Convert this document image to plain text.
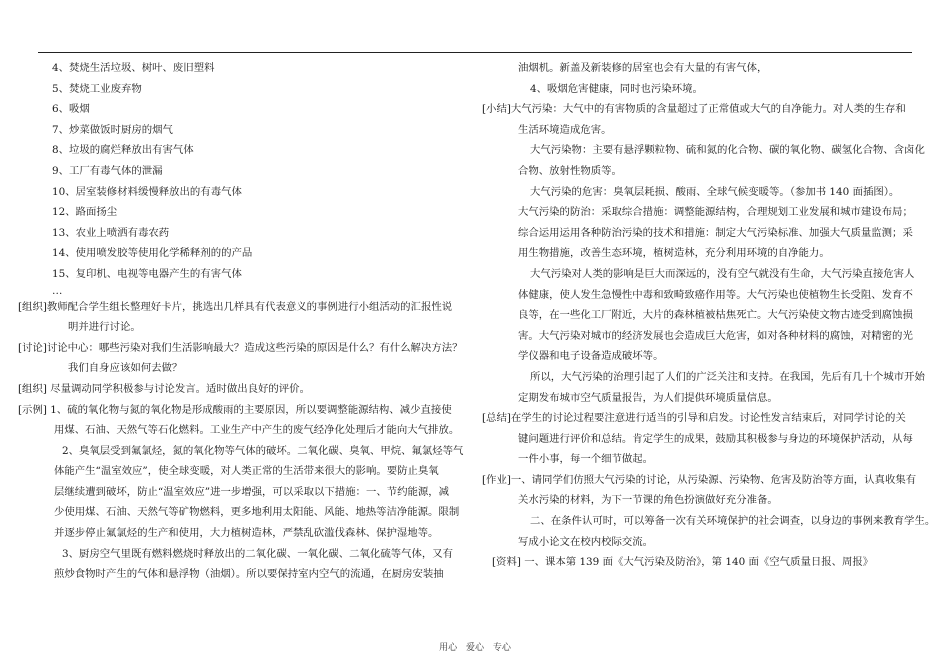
4、焚烧生活垃圾、树叶、废旧塑料

5、焚烧工业废弃物

6、吸烟

7、炒菜做饭时厨房的烟气

8、垃圾的腐烂释放出有害气体

9、工厂有毒气体的泄漏

10、居室装修材料缓慢释放出的有毒气体

12、路面扬尘

13、农业上喷洒有毒农药

14、使用喷发胶等使用化学稀释剂的的产品

15、复印机、电视等电器产生的有害气体

…

[组织]教师配合学生组长整理好卡片，挑选出几样具有代表意义的事例进行小组活动的汇报性说

明并进行讨论。

[讨论]讨论中心：哪些污染对我们生活影响最大？造成这些污染的原因是什么？有什么解决方法？

我们自身应该如何去做？

[组织] 尽量调动同学积极参与讨论发言。适时做出良好的评价。

[示例] 1、硫的氧化物与氮的氧化物是形成酸雨的主要原因，所以要调整能源结构、减少直接使

用煤、石油、天然气等石化燃料。工业生产中产生的废气经净化处理后才能向大气排放。

2、臭氧层受到氟氯烃，氮的氧化物等气体的破坏。二氧化碳、臭氧、甲烷、氟氯烃等气

体能产生“温室效应”，使全球变暖，对人类正常的生活带来很大的影响。要防止臭氧

层继续遭到破坏，防止“温室效应”进一步增强，可以采取以下措施：一、节约能源，减

少使用煤、石油、天然气等矿物燃料，更多地利用太阳能、风能、地热等洁净能源。限制

并逐步停止氟氯烃的生产和使用，大力植树造林，严禁乱砍滥伐森林、保护湿地等。

3、厨房空气里既有燃料燃烧时释放出的二氧化碳、一氧化碳、二氧化硫等气体，又有

煎炒食物时产生的气体和悬浮物（油烟）。所以要保持室内空气的流通，在厨房安装抽

油烟机。新盖及新装修的居室也会有大量的有害气体，

4、吸烟危害健康，同时也污染环境。

[小结]大气污染：大气中的有害物质的含量超过了正常值或大气的自净能力。对人类的生存和

生活环境造成危害。

大气污染物：主要有悬浮颗粒物、硫和氮的化合物、碳的氧化物、碳氢化合物、含卤化

合物、放射性物质等。

大气污染的危害：臭氧层耗损、酸雨、全球气候变暖等。（参加书 140 面插图）。

大气污染的防治：采取综合措施：调整能源结构，合理规划工业发展和城市建设布局；

综合运用运用各种防治污染的技术和措施：制定大气污染标准、加强大气质量监测；采

用生物措施，改善生态环境，植树造林，充分利用环境的自净能力。

大气污染对人类的影响是巨大而深远的，没有空气就没有生命，大气污染直接危害人

体健康，使人发生急慢性中毒和致畸致癌作用等。大气污染也使植物生长受阻、发育不

良等，在一些化工厂附近，大片的森林植被枯焦死亡。大气污染使文物古迹受到腐蚀损

害。大气污染对城市的经济发展也会造成巨大危害，如对各种材料的腐蚀，对精密的光

学仪器和电子设备造成破坏等。

所以，大气污染的治理引起了人们的广泛关注和支持。在我国，先后有几十个城市开始

定期发布城市空气质量报告，为人们提供环境质量信息。

[总结]在学生的讨论过程要注意进行适当的引导和启发。讨论性发言结束后，对同学讨论的关

键问题进行评价和总结。肯定学生的成果，鼓励其积极参与身边的环境保护活动，从每

一件小事，每一个细节做起。

[作业]一、请同学们仿照大气污染的讨论，从污染源、污染物、危害及防治等方面，认真收集有

关水污染的材料，为下一节课的角色扮演做好充分准备。

二、在条件认可时，可以筹备一次有关环境保护的社会调查，以身边的事例来教育学生。

写成小论文在校内校际交流。

[资料] 一、课本第 139 面《大气污染及防治》，第 140 面《空气质量日报、周报》

用心 爱心 专心
